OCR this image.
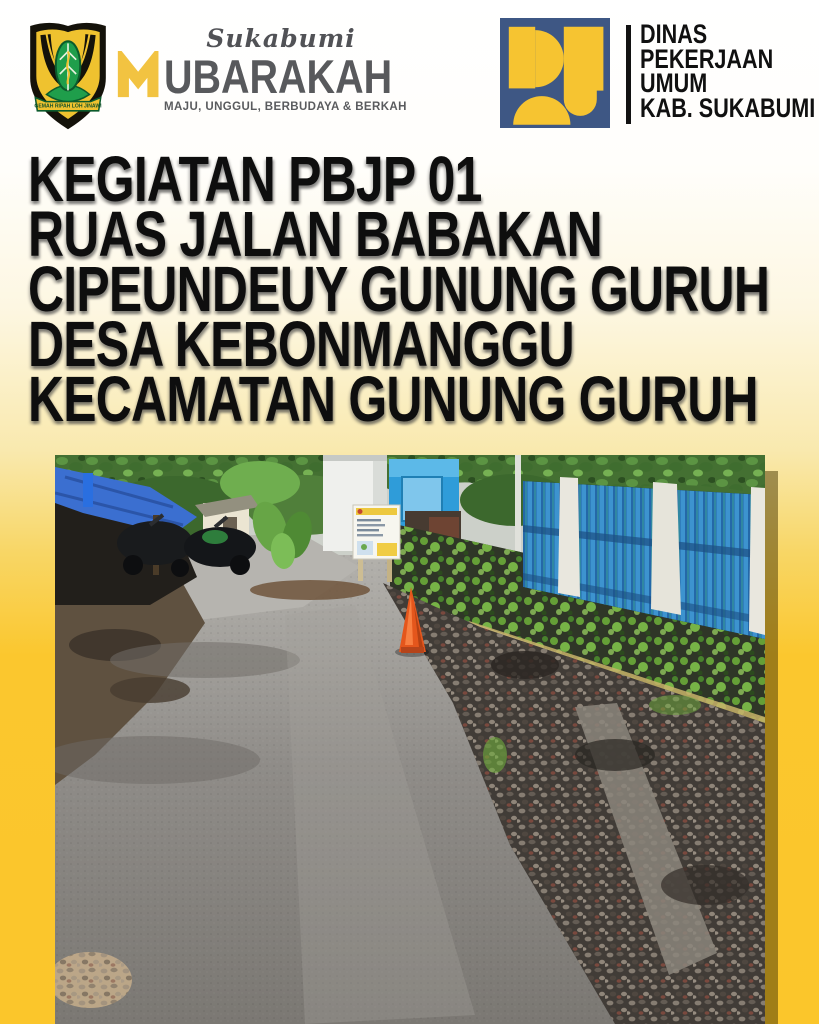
GEMAH RIPAH LOH JINAWI
Sukabumi
UBARAKAH
MAJU, UNGGUL, BERBUDAYA & BERKAH
DINAS
PEKERJAAN
UMUM
KAB. SUKABUMI
KEGIATAN PBJP 01
RUAS JALAN BABAKAN
CIPEUNDEUY GUNUNG GURUH
DESA KEBONMANGGU
KECAMATAN GUNUNG GURUH
